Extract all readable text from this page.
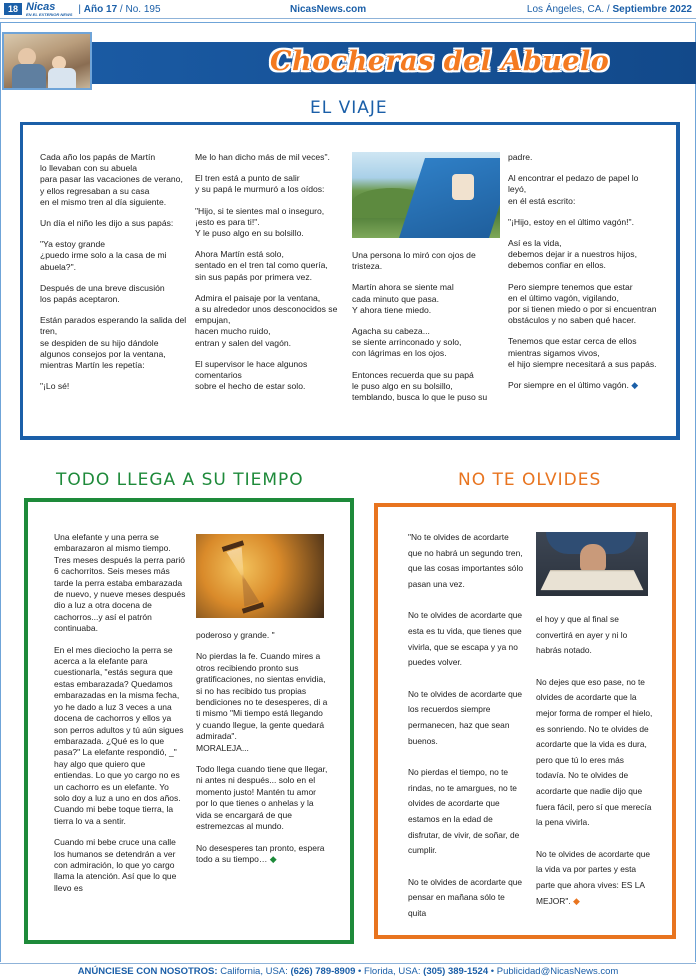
18 Nicas
EN EL EXTERIOR NEWS | Año 17 / No. 195	NicasNews.com	Los Ángeles, CA. / Septiembre 2022
Chocheras del Abuelo
EL VIAJE

Cada año los papás de Martín
lo llevaban con su abuela
para pasar las vacaciones de verano,
y ellos regresaban a su casa
en el mismo tren al día siguiente.

Un día el niño les dijo a sus papás:

"Ya estoy grande
¿puedo irme solo a la casa de mi abuela?".

Después de una breve discusión
los papás aceptaron.

Están parados esperando la salida del tren,
se despiden de su hijo dándole
algunos consejos por la ventana,
mientras Martín les repetía:

"¡Lo sé!

Me lo han dicho más de mil veces".

El tren está a punto de salir
y su papá le murmuró a los oídos:

"Hijo, si te sientes mal o inseguro,
¡esto es para ti!".
Y le puso algo en su bolsillo.

Ahora Martín está solo,
sentado en el tren tal como quería,
sin sus papás por primera vez.

Admira el paisaje por la ventana,
a su alrededor unos desconocidos se empujan,
hacen mucho ruido,
entran y salen del vagón.

El supervisor le hace algunos comentarios
sobre el hecho de estar solo.

Una persona lo miró con ojos de tristeza.

Martín ahora se siente mal
cada minuto que pasa.
Y ahora tiene miedo.

Agacha su cabeza...
se siente arrinconado y solo,
con lágrimas en los ojos.

Entonces recuerda que su papá
le puso algo en su bolsillo,
temblando, busca lo que le puso su

padre.

Al encontrar el pedazo de papel lo leyó,
en él está escrito:

"¡Hijo, estoy en el último vagón!".

Así es la vida,
debemos dejar ir a nuestros hijos,
debemos confiar en ellos.

Pero siempre tenemos que estar
en el último vagón, vigilando,
por si tienen miedo o por si encuentran
obstáculos y no saben qué hacer.

Tenemos que estar cerca de ellos
mientras sigamos vivos,
el hijo siempre necesitará a sus papás.

Por siempre en el último vagón. ◆

TODO LLEGA A SU TIEMPO

Una elefante y una perra se embarazaron al mismo tiempo. Tres meses después la perra parió 6 cachorritos. Seis meses más tarde la perra estaba embarazada de nuevo, y nueve meses después dio a luz a otra docena de cachorros...y así el patrón continuaba.

En el mes dieciocho la perra se acerca a la elefante para cuestionarla, "estás segura que estas embarazada? Quedamos embarazadas en la misma fecha, yo he dado a luz 3 veces a una docena de cachorros y ellos ya son perros adultos y tú aún sigues embarazada. ¿Qué es lo que pasa?" La elefante respondió, _" hay algo que quiero que entiendas. Lo que yo cargo no es un cachorro es un elefante. Yo solo doy a luz a uno en dos años. Cuando mi bebe toque tierra, la tierra lo va a sentir.

Cuando mi bebe cruce una calle los humanos se detendrán a ver con admiración, lo que yo cargo llama la atención. Así que lo que llevo es

poderoso y grande. "

No pierdas la fe. Cuando mires a otros recibiendo pronto sus gratificaciones, no sientas envidia, si no has recibido tus propias bendiciones no te desesperes, di a ti mismo "Mi tiempo está llegando y cuando llegue, la gente quedará admirada".
MORALEJA...

Todo llega cuando tiene que llegar, ni antes ni después... solo en el momento justo! Mantén tu amor por lo que tienes o anhelas y la vida se encargará de que estremezcas al mundo.

No desesperes tan pronto, espera todo a su tiempo… ◆

NO TE OLVIDES

"No te olvides de acordarte que no habrá un segundo tren, que las cosas importantes sólo pasan una vez.

No te olvides de acordarte que esta es tu vida, que tienes que vivirla, que se escapa y ya no puedes volver.

No te olvides de acordarte que los recuerdos siempre permanecen, haz que sean buenos.

No pierdas el tiempo, no te rindas, no te amargues, no te olvides de acordarte que estamos en la edad de disfrutar, de vivir, de soñar, de cumplir.

No te olvides de acordarte que pensar en mañana sólo te quita

el hoy y que al final se convertirá en ayer y ni lo habrás notado.

No dejes que eso pase, no te olvides de acordarte que la mejor forma de romper el hielo, es sonriendo. No te olvides de acordarte que la vida es dura, pero que tú lo eres más todavía. No te olvides de acordarte que nadie dijo que fuera fácil, pero sí que merecía la pena vivirla.

No te olvides de acordarte que la vida va por partes y esta parte que ahora vives: ES LA MEJOR". ◆

ANÚNCIESE CON NOSOTROS: California, USA: (626) 789-8909 • Florida, USA: (305) 389-1524 • Publicidad@NicasNews.com
